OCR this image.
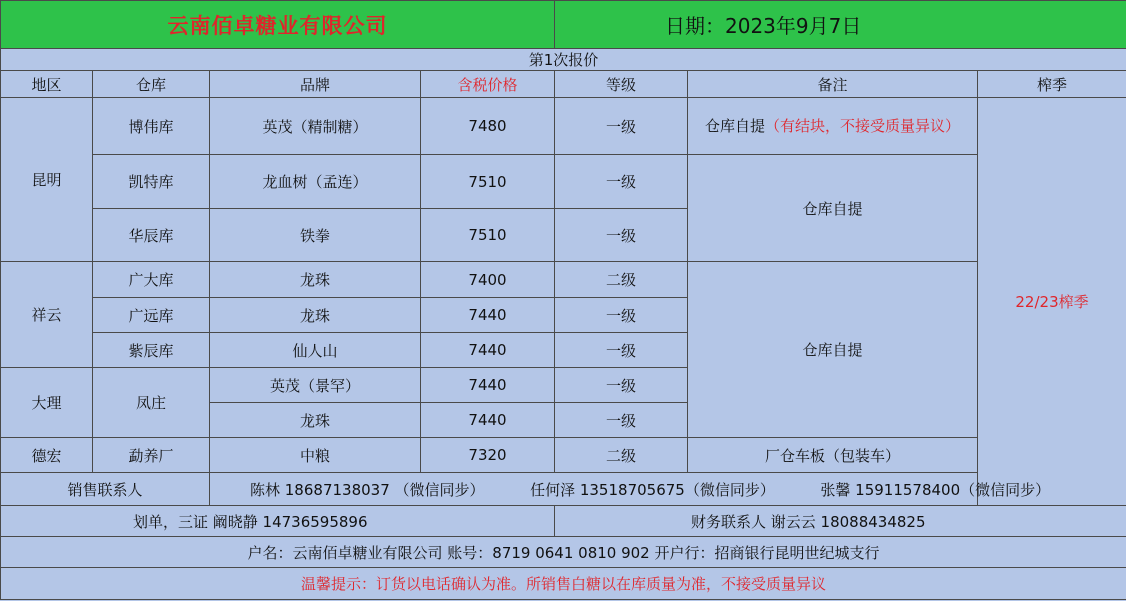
云南佰卓糖业有限公司				日期：2023年9月7日		
第1次报价						
地区	仓库	品牌	含税价格	等级	备注	榨季
昆明	博伟库	英茂（精制糖）	7480	一级	仓库自提（有结块，不接受质量异议）	22/23榨季
	凯特库	龙血树（孟连）	7510	一级	仓库自提	
	华辰库	铁拳	7510	一级		
祥云	广大库	龙珠	7400	二级	仓库自提	
	广远库	龙珠	7440	一级		
	紫辰库	仙人山	7440	一级		
大理	凤庄	英茂（景罕）	7440	一级		
		龙珠	7440	一级		
德宏	勐养厂	中粮	7320	二级	厂仓车板（包装车）	
销售联系人		陈林 18687138037 （微信同步） 任何泽 13518705675（微信同步） 张馨 15911578400（微信同步）				
划单，三证 阚晓静 14736595896				财务联系人 谢云云 18088434825		
户名：云南佰卓糖业有限公司 账号：8719 0641 0810 902 开户行：招商银行昆明世纪城支行						
温馨提示：订货以电话确认为准。所销售白糖以在库质量为准，不接受质量异议						
